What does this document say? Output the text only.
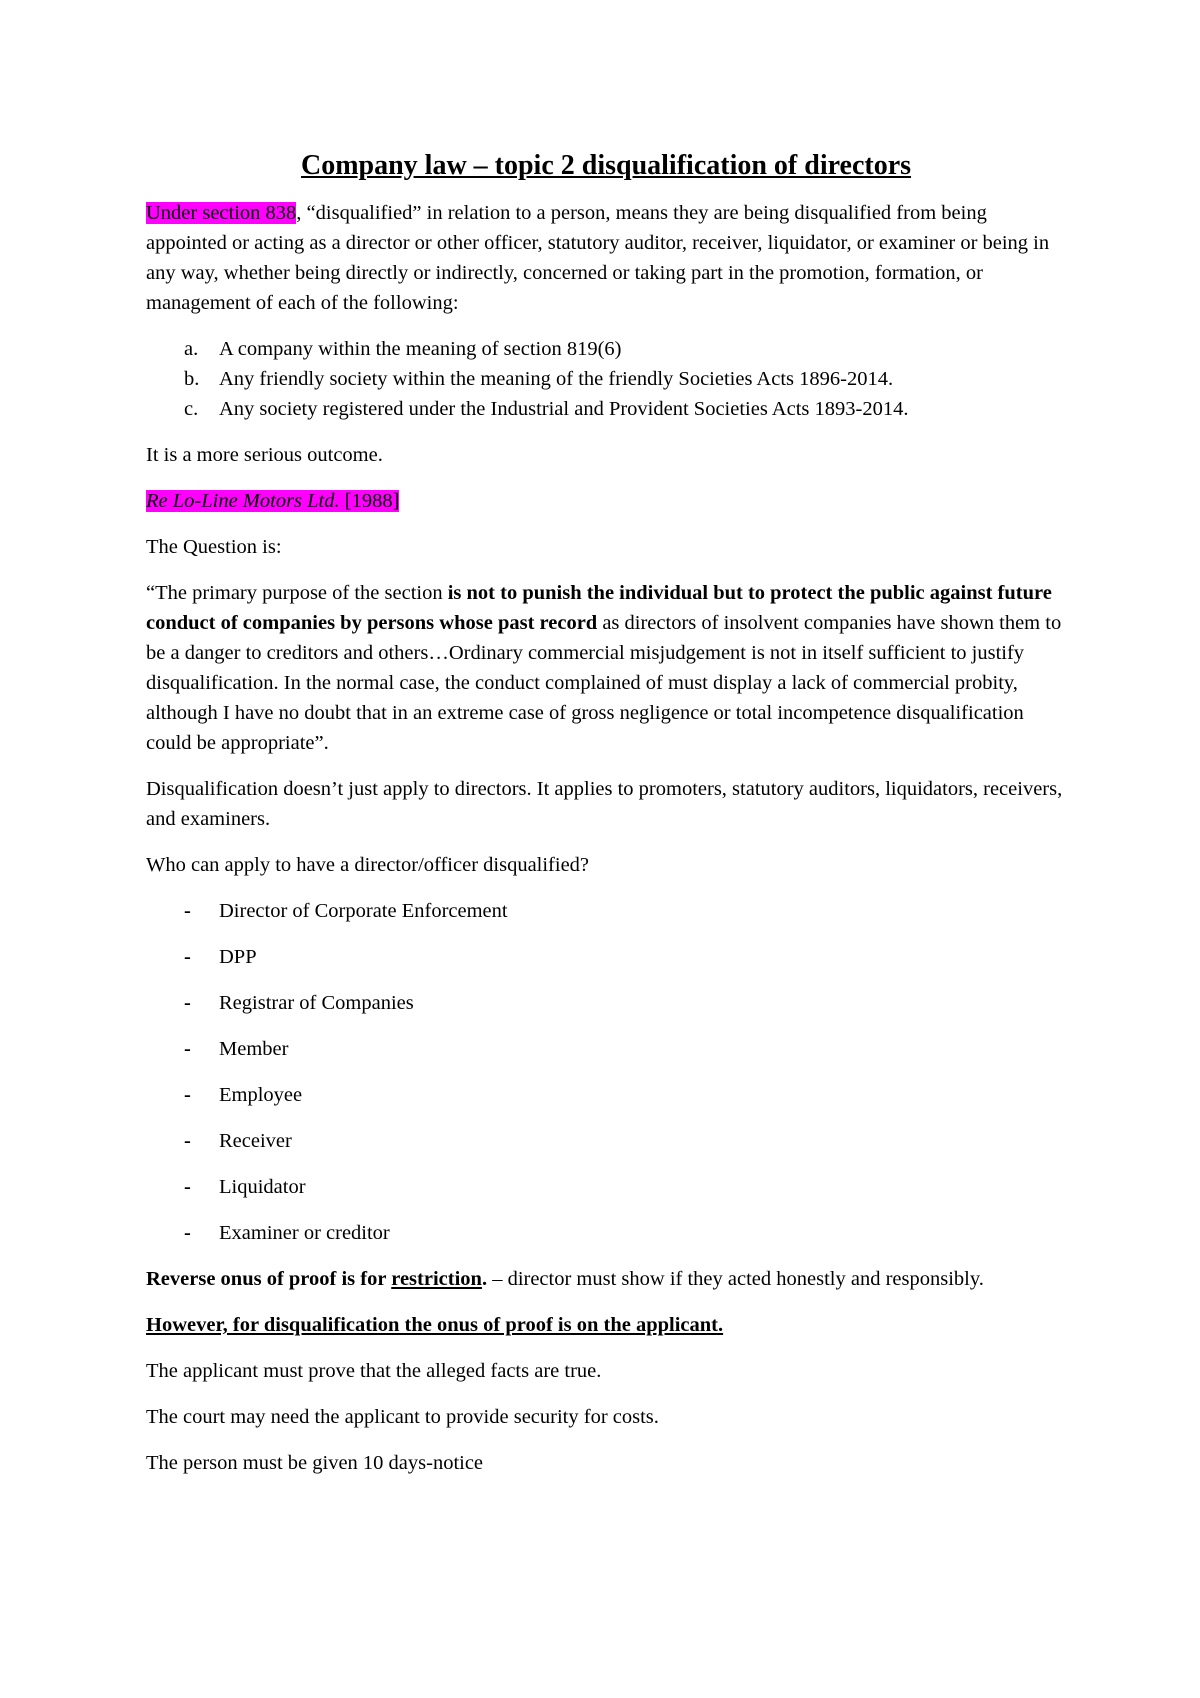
Company law – topic 2 disqualification of directors

Under section 838, “disqualified” in relation to a person, means they are being disqualified from being appointed or acting as a director or other officer, statutory auditor, receiver, liquidator, or examiner or being in any way, whether being directly or indirectly, concerned or taking part in the promotion, formation, or management of each of the following:

a. A company within the meaning of section 819(6)
b. Any friendly society within the meaning of the friendly Societies Acts 1896-2014.
c. Any society registered under the Industrial and Provident Societies Acts 1893-2014.

It is a more serious outcome.

Re Lo-Line Motors Ltd. [1988]

The Question is:

“The primary purpose of the section is not to punish the individual but to protect the public against future conduct of companies by persons whose past record as directors of insolvent companies have shown them to be a danger to creditors and others…Ordinary commercial misjudgement is not in itself sufficient to justify disqualification. In the normal case, the conduct complained of must display a lack of commercial probity, although I have no doubt that in an extreme case of gross negligence or total incompetence disqualification could be appropriate”.

Disqualification doesn’t just apply to directors. It applies to promoters, statutory auditors, liquidators, receivers, and examiners.

Who can apply to have a director/officer disqualified?

- Director of Corporate Enforcement
- DPP
- Registrar of Companies
- Member
- Employee
- Receiver
- Liquidator
- Examiner or creditor

Reverse onus of proof is for restriction. – director must show if they acted honestly and responsibly.

However, for disqualification the onus of proof is on the applicant.

The applicant must prove that the alleged facts are true.

The court may need the applicant to provide security for costs.

The person must be given 10 days-notice
